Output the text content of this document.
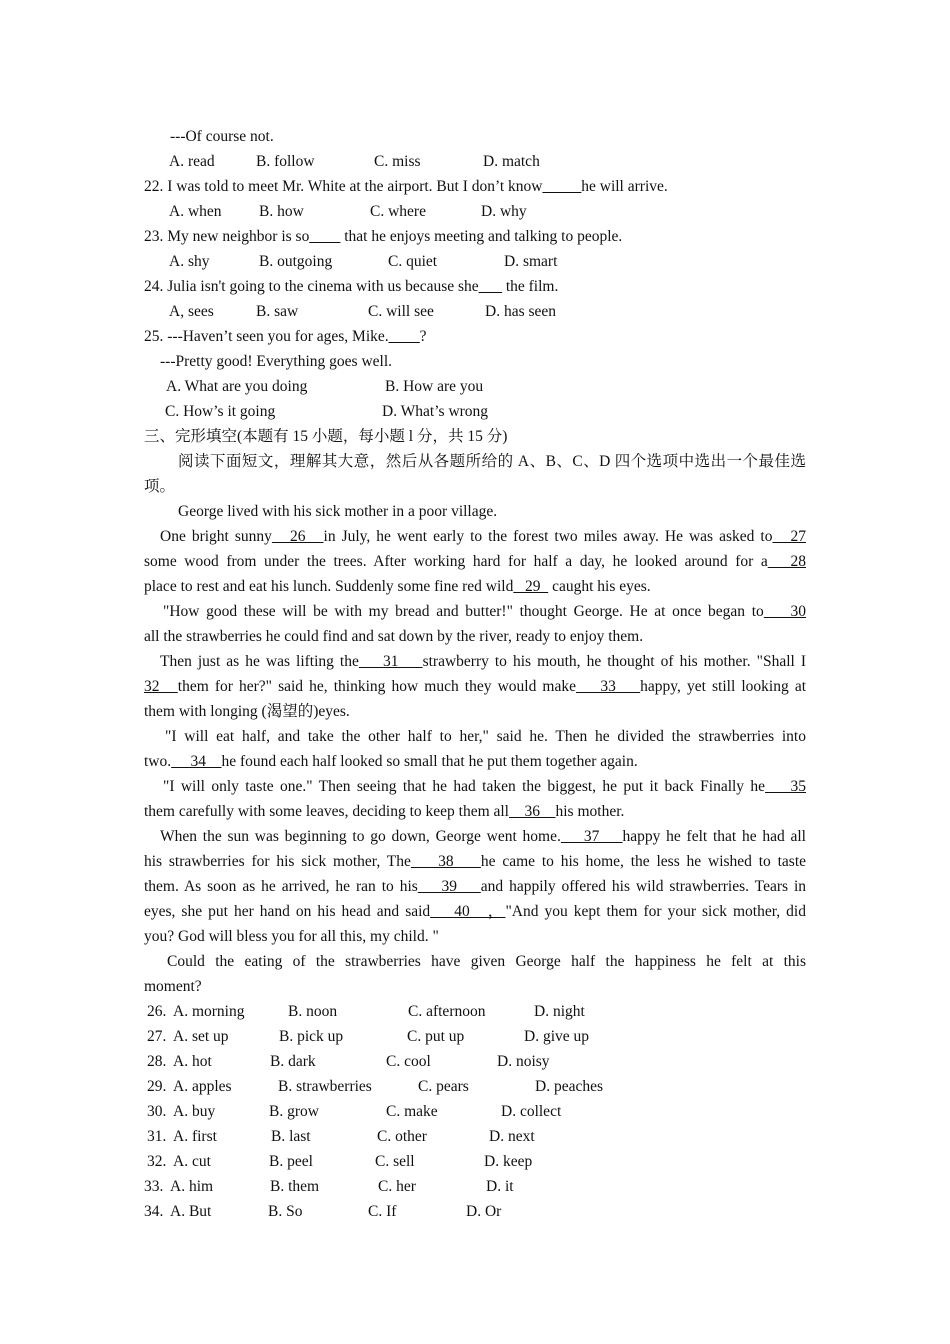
---Of course not.
A. read	B. follow	C. miss	D. match
22. I was told to meet Mr. White at the airport. But I don’t know_____he will arrive.
A. when B. how	C. where	D. why
23. My new neighbor is so____ that he enjoys meeting and talking to people.
A. shy	B. outgoing	C. quiet	D. smart
24. Julia isn't going to the cinema with us because she___ the film.
A, sees	B. saw	C. will see	D. has seen
25. ---Haven’t seen you for ages, Mike.____?
---Pretty good! Everything goes well.
A. What are you doing	B. How are you
C. How’s it going	D. What’s wrong
三、完形填空(本题有 15 小题，每小题 l 分，共 15 分)
阅读下面短文，理解其大意，然后从各题所给的 A、B、C、D 四个选项中选出一个最佳选
项。
George lived with his sick mother in a poor village.
One bright sunny   26   in July, he went early to the forest two miles away. He was asked to   27
some wood from under the trees. After working hard for half a day, he looked around for a   28
place to rest and eat his lunch. Suddenly some fine red wild   29   caught his eyes.
"How good these will be with my bread and butter!" thought George. He at once began to    30
all the strawberries he could find and sat down by the river, ready to enjoy them.
Then just as he was lifting the    31    strawberry to his mouth, he thought of his mother. "Shall I
32   them for her?" said he, thinking how much they would make    33    happy, yet still looking at
them with longing (渴望的)eyes.
"I will eat half, and take the other half to her," said he. Then he divided the strawberries into
two.     34    he found each half looked so small that he put them together again.
"I will only taste one." Then seeing that he had taken the biggest, he put it back Finally he    35
them carefully with some leaves, deciding to keep them all    36    his mother.
When the sun was beginning to go down, George went home.    37    happy he felt that he had all
his strawberries for his sick mother, The    38    he came to his home, the less he wished to taste
them. As soon as he arrived, he ran to his    39    and happily offered his wild strawberries. Tears in
eyes, she put her hand on his head and said    40   ，"And you kept them for your sick mother, did
you? God will bless you for all this, my child. "
Could the eating of the strawberries have given George half the happiness he felt at this
moment?
26. A. morning	B. noon	C. afternoon	D. night
27. A. set up	B. pick up	C. put up	D. give up
28. A. hot	B. dark	C. cool	D. noisy
29. A. apples	B. strawberries	C. pears	D. peaches
30. A. buy	B. grow	C. make	D. collect
31. A. first	B. last	C. other	D. next
32. A. cut	B. peel	C. sell	D. keep
33. A. him	B. them	C. her	D. it
34. A. But	B. So	C. If	D. Or
